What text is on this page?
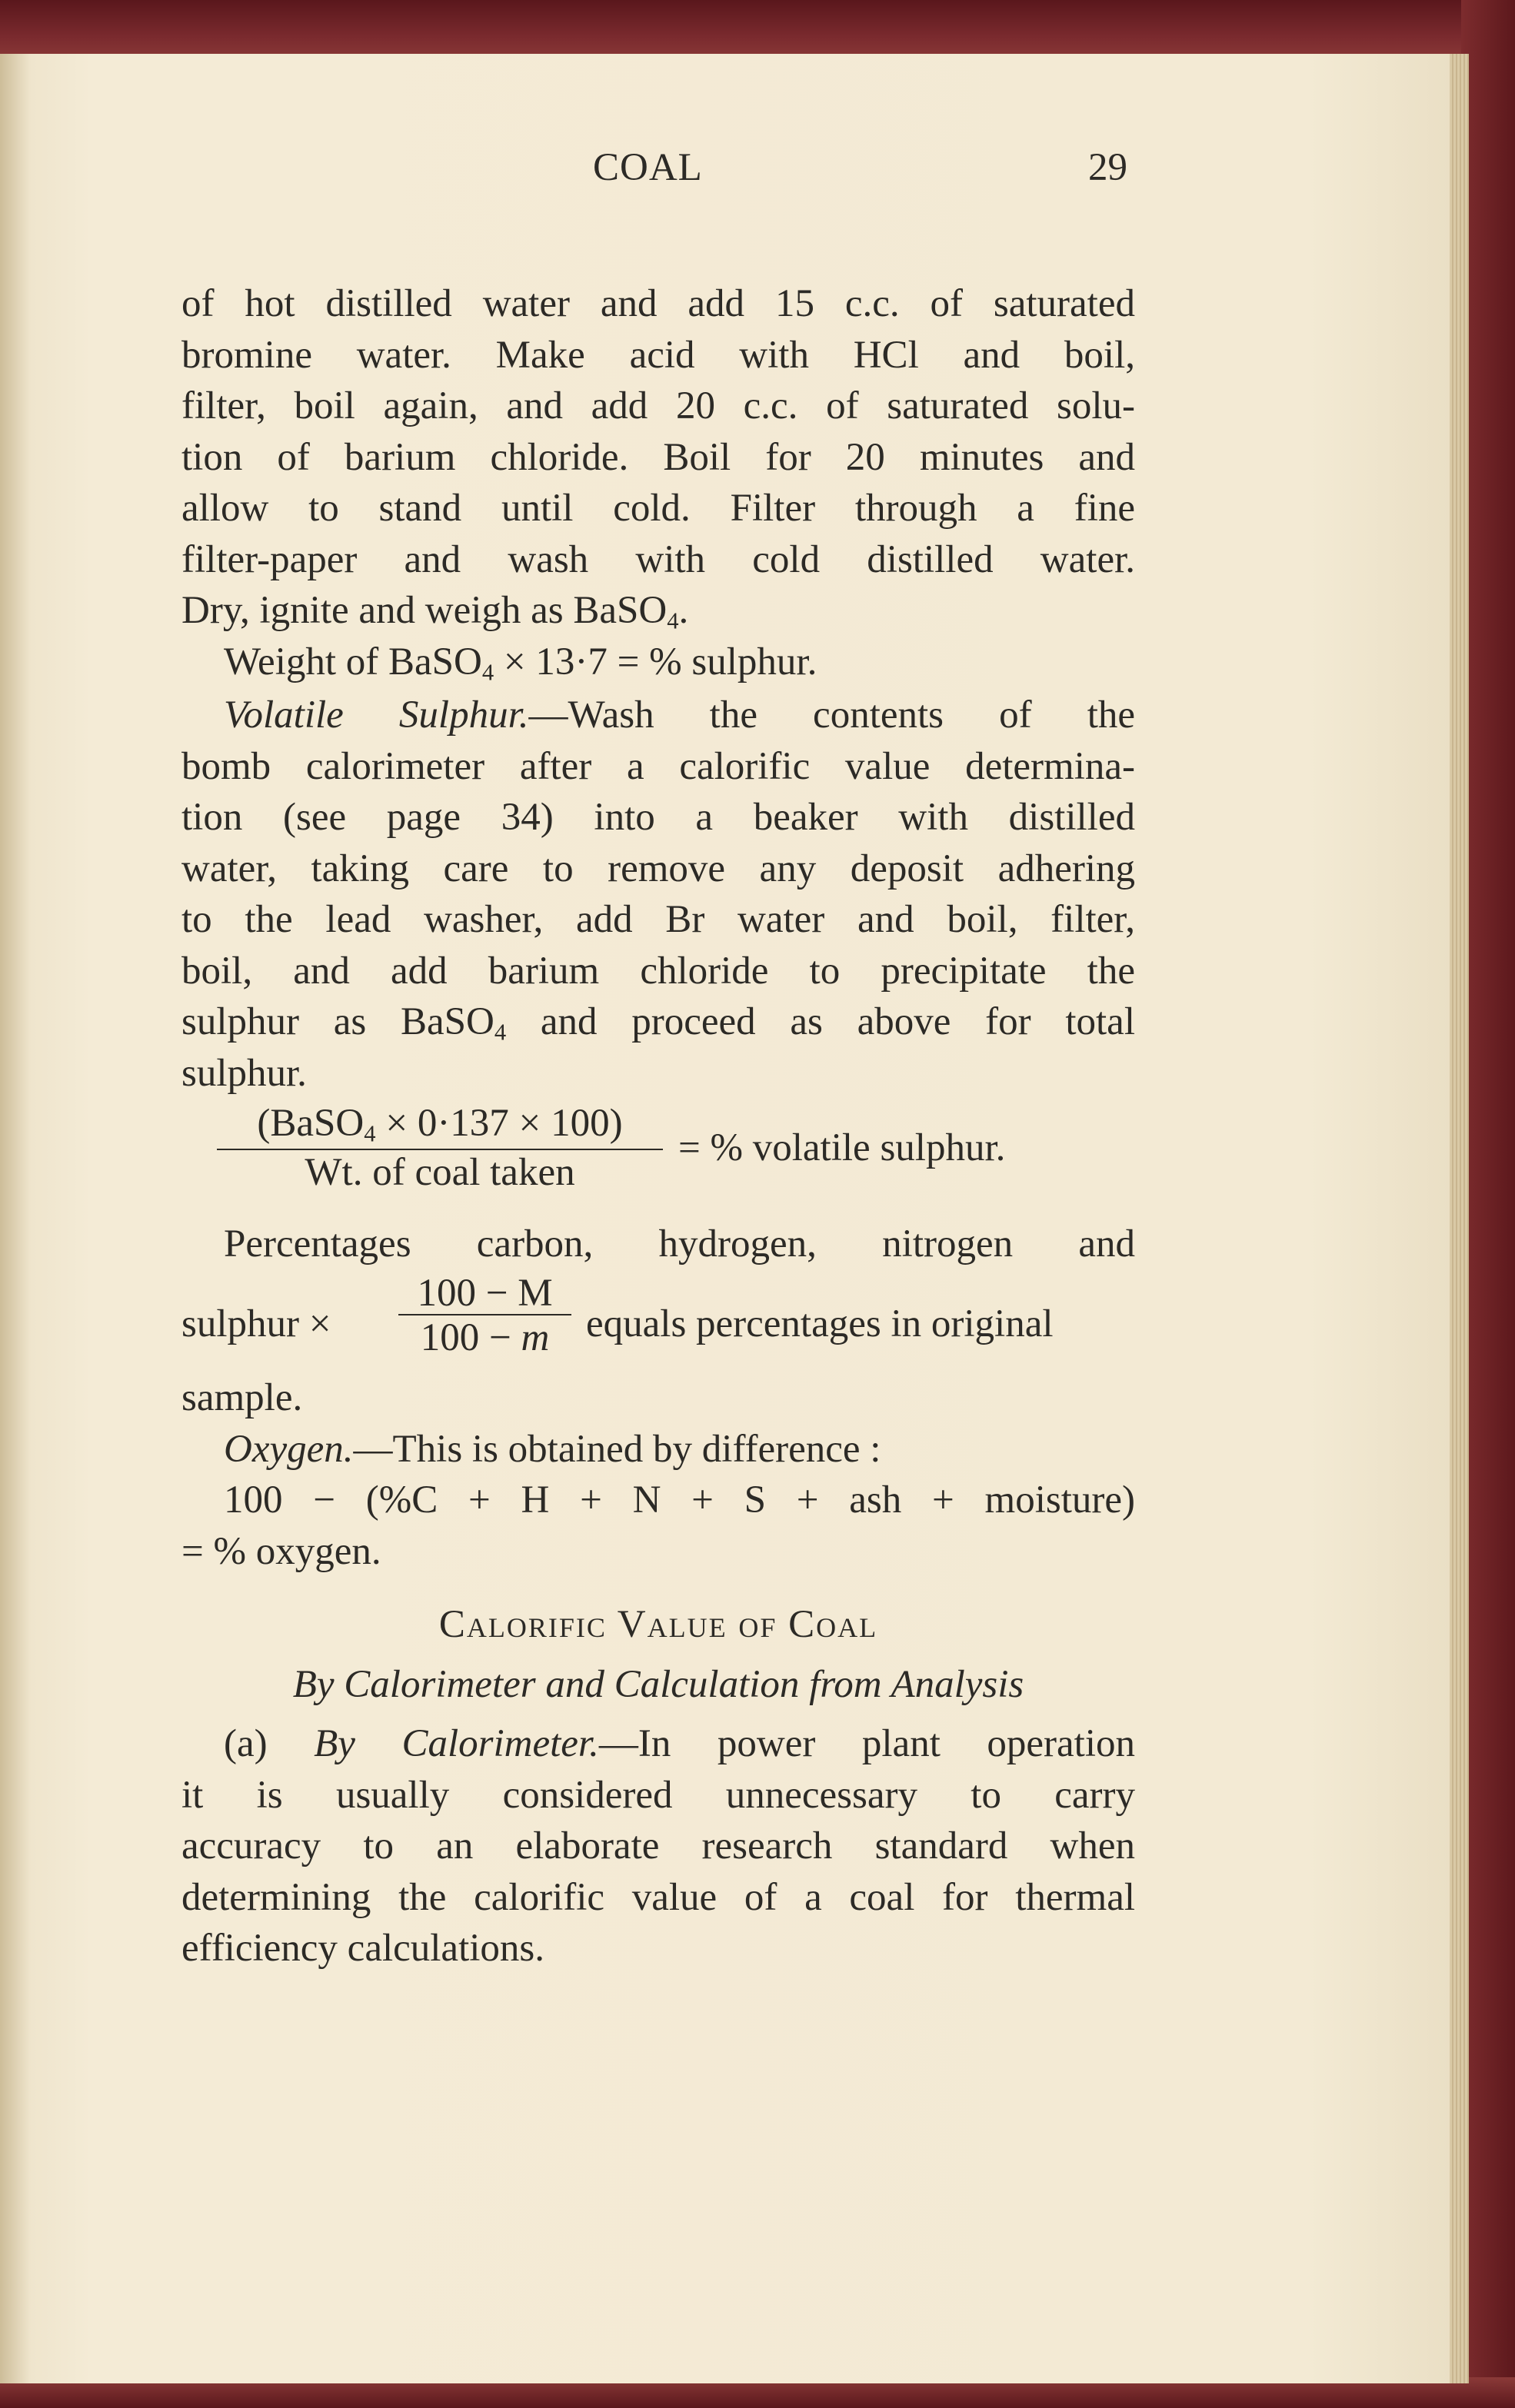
COAL	29
of hot distilled water and add 15 c.c. of saturated
bromine water. Make acid with HCl and boil,
filter, boil again, and add 20 c.c. of saturated solu-
tion of barium chloride. Boil for 20 minutes and
allow to stand until cold. Filter through a fine
filter-paper and wash with cold distilled water.
Dry, ignite and weigh as BaSO$_4$.
Weight of BaSO$_4$ × 13·7 = % sulphur.
Volatile Sulphur.—Wash the contents of the
bomb calorimeter after a calorific value determina-
tion (see page 34) into a beaker with distilled
water, taking care to remove any deposit adhering
to the lead washer, add Br water and boil, filter,
boil, and add barium chloride to precipitate the
sulphur as BaSO$_4$ and proceed as above for total
sulphur.
(BaSO$_4$ × 0·137 × 100)
Wt. of coal taken
= % volatile sulphur.
Percentages carbon, hydrogen, nitrogen and
sulphur × $\frac{100 - M}{100 - m}$ equals percentages in original
sample.
Oxygen.—This is obtained by difference :
100 − (%C + H + N + S + ash + moisture)
= % oxygen.
Calorific Value of Coal
By Calorimeter and Calculation from Analysis
(a) By Calorimeter.—In power plant operation
it is usually considered unnecessary to carry
accuracy to an elaborate research standard when
determining the calorific value of a coal for thermal
efficiency calculations.
